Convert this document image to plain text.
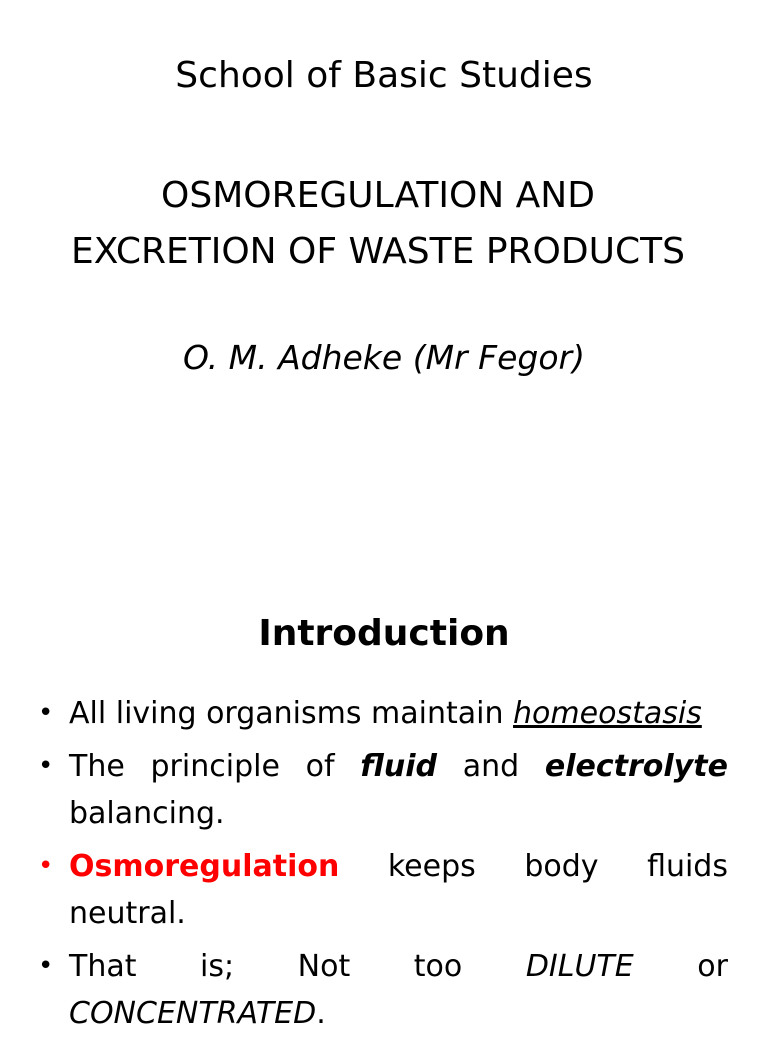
School of Basic Studies
OSMOREGULATION AND
EXCRETION OF WASTE PRODUCTS
O. M. Adheke (Mr Fegor)
Introduction
• All living organisms maintain homeostasis
• The principle of fluid and electrolyte
balancing.
• Osmoregulation keeps body fluids
neutral.
• That is; Not too DILUTE or
CONCENTRATED.
